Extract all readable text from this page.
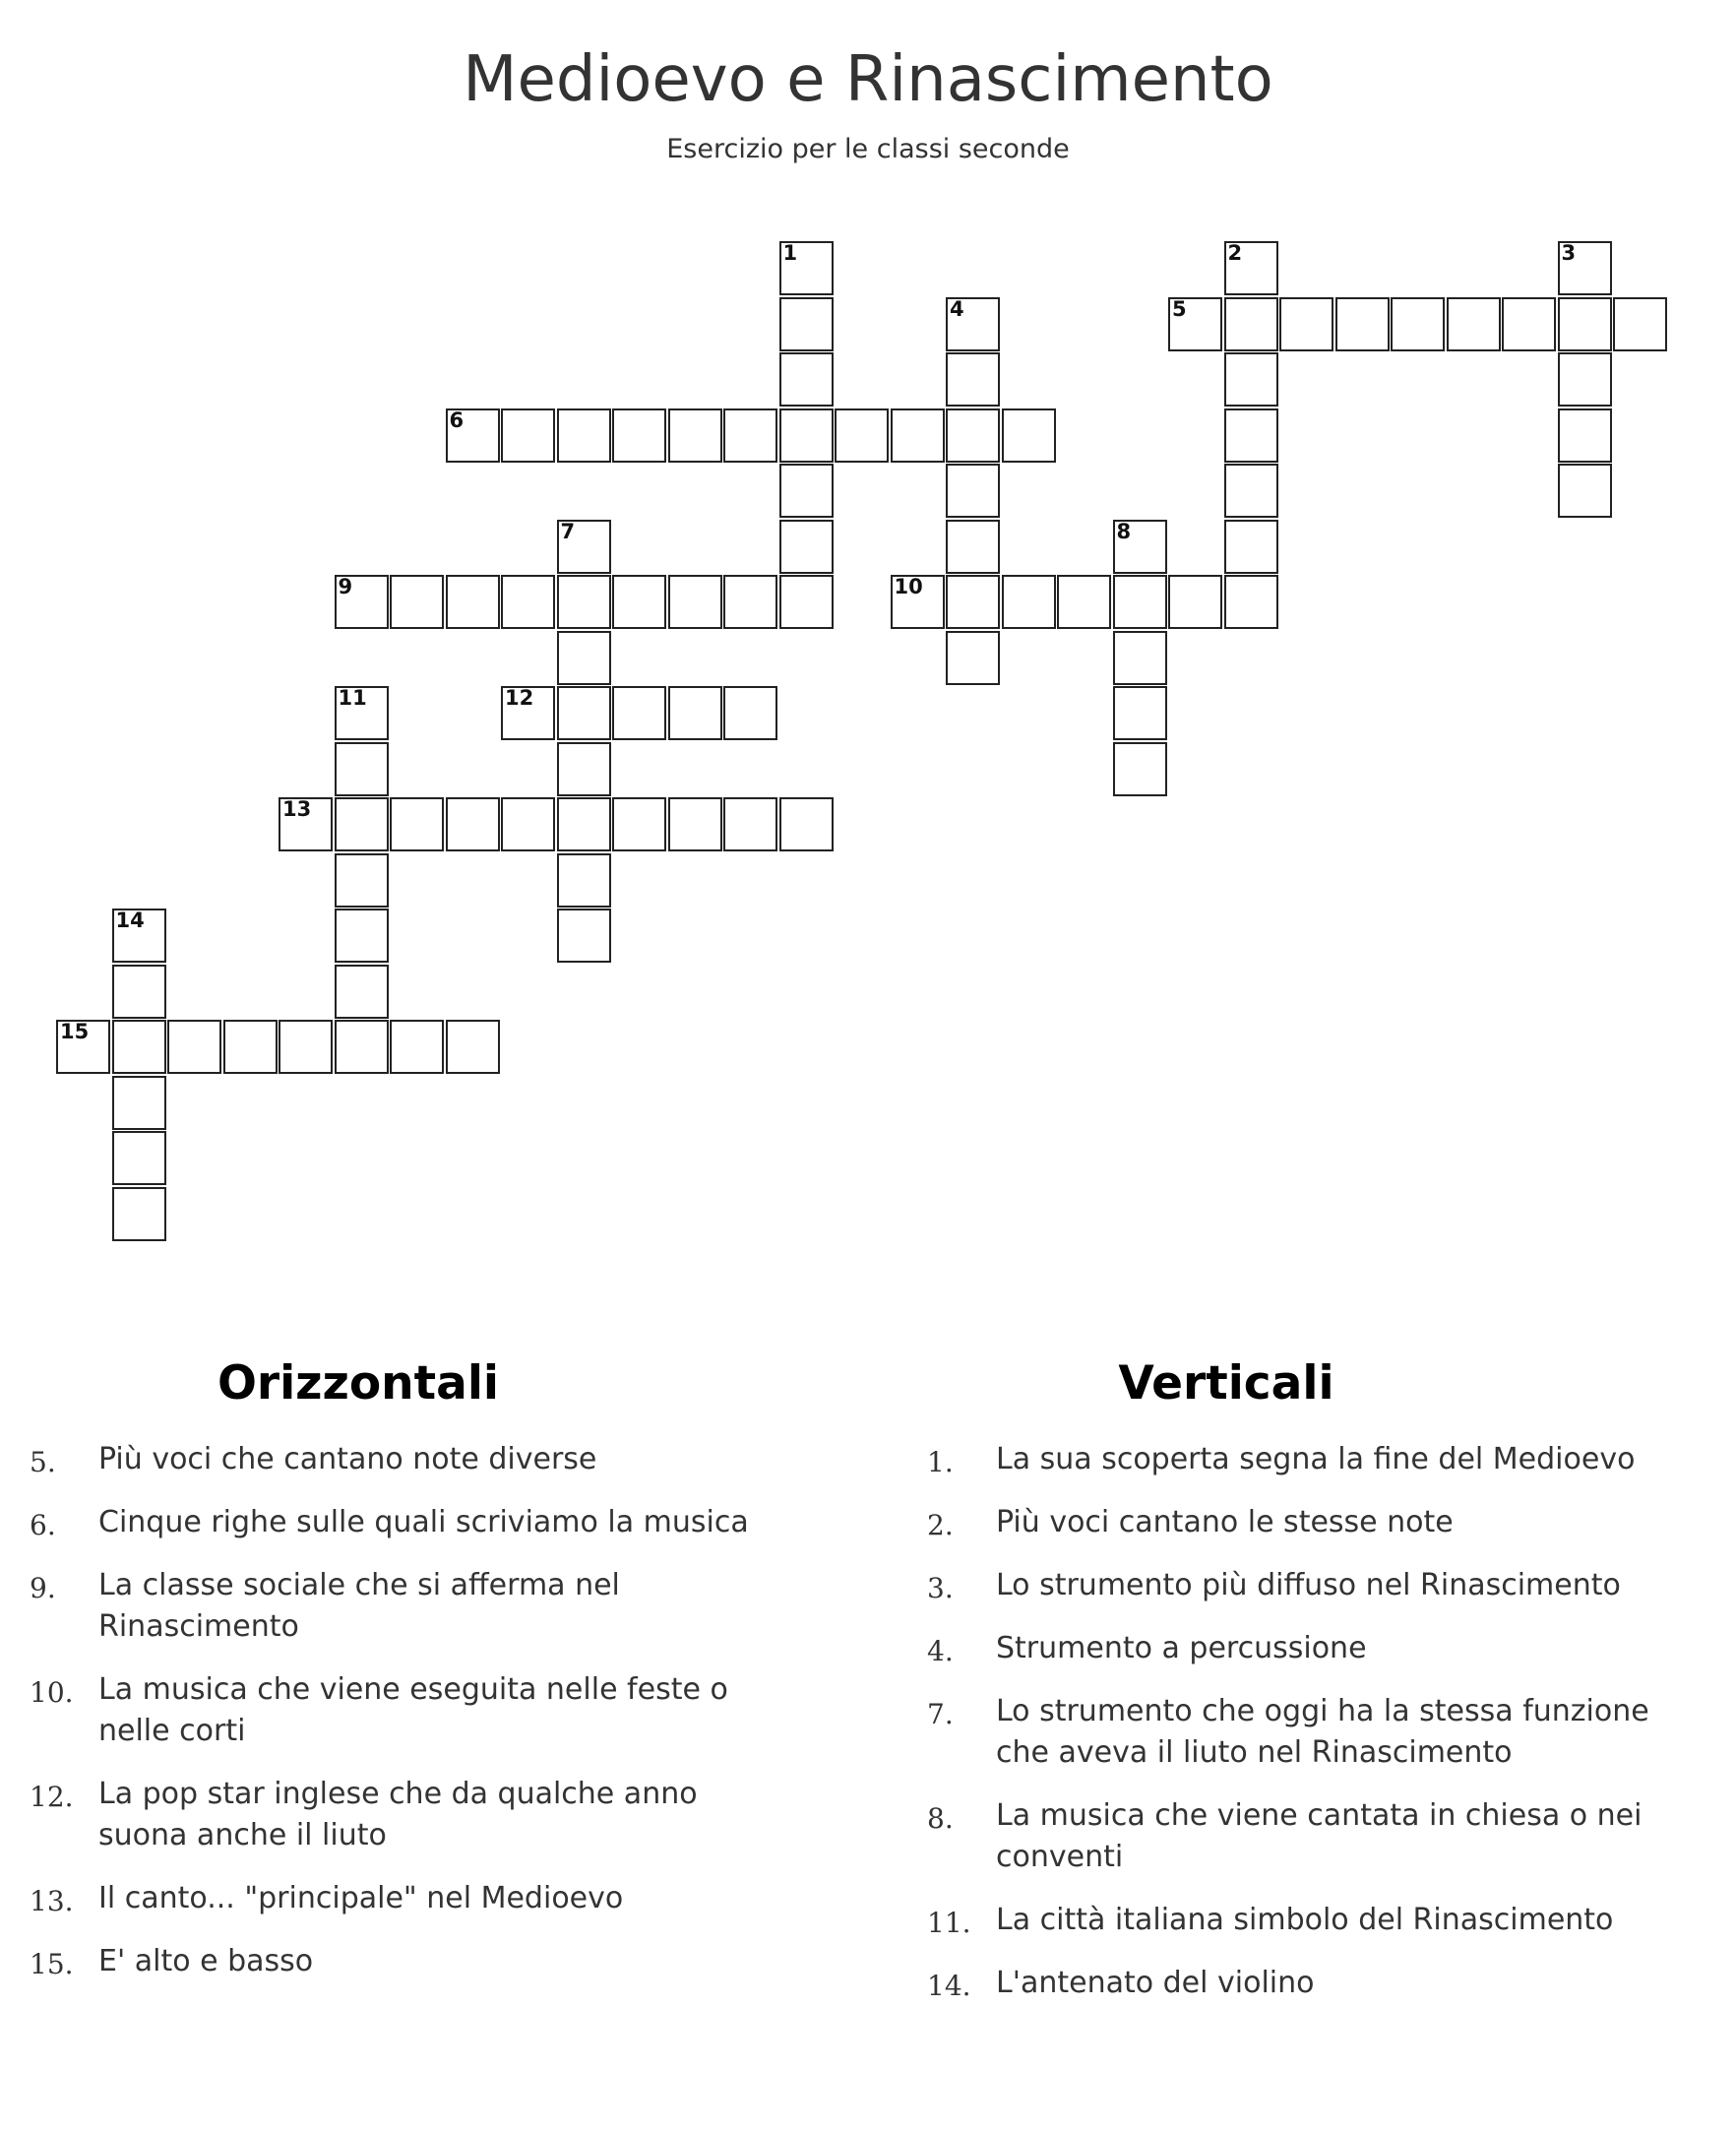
Medioevo e Rinascimento
Esercizio per le classi seconde
5
6
9	10
12
13
15
1	2	3
4
7	8
11
14
Orizzontali	Verticali
5. Più voci che cantano note diverse
6. Cinque righe sulle quali scriviamo la musica
9. La classe sociale che si afferma nel Rinascimento
10. La musica che viene eseguita nelle feste o nelle corti
12. La pop star inglese che da qualche anno suona anche il liuto
13. Il canto... "principale" nel Medioevo
15. E' alto e basso
1. La sua scoperta segna la fine del Medioevo
2. Più voci cantano le stesse note
3. Lo strumento più diffuso nel Rinascimento
4. Strumento a percussione
7. Lo strumento che oggi ha la stessa funzione che aveva il liuto nel Rinascimento
8. La musica che viene cantata in chiesa o nei conventi
11. La città italiana simbolo del Rinascimento
14. L'antenato del violino
